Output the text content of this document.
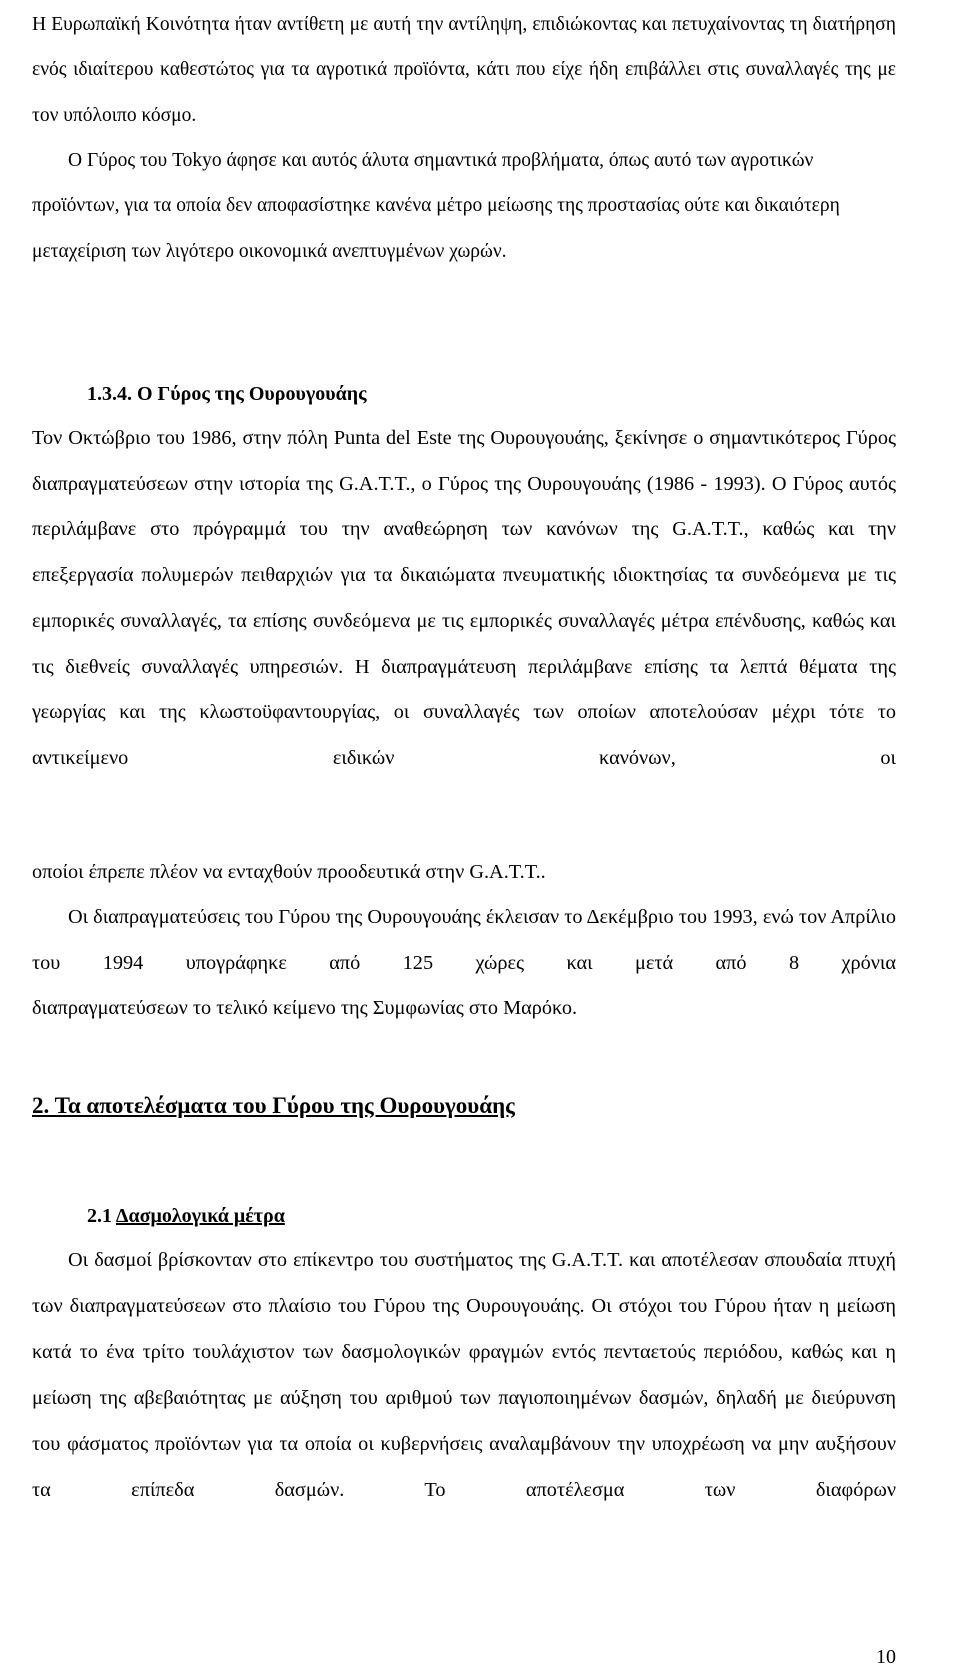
Η Ευρωπαϊκή Κοινότητα ήταν αντίθετη με αυτή την αντίληψη, επιδιώκοντας και πετυχαίνοντας τη διατήρηση ενός ιδιαίτερου καθεστώτος για τα αγροτικά προϊόντα, κάτι που είχε ήδη επιβάλλει στις συναλλαγές της με τον υπόλοιπο κόσμο.

Ο Γύρος του Tokyo άφησε και αυτός άλυτα σημαντικά προβλήματα, όπως αυτό των αγροτικών προϊόντων, για τα οποία δεν αποφασίστηκε κανένα μέτρο μείωσης της προστασίας ούτε και δικαιότερη μεταχείριση των λιγότερο οικονομικά ανεπτυγμένων χωρών.

1.3.4. Ο Γύρος της Ουρουγουάης

Τον Οκτώβριο του 1986, στην πόλη Punta del Este της Ουρουγουάης, ξεκίνησε ο σημαντικότερος Γύρος διαπραγματεύσεων στην ιστορία της G.A.T.T., ο Γύρος της Ουρουγουάης (1986 - 1993). Ο Γύρος αυτός περιλάμβανε στο πρόγραμμά του την αναθεώρηση των κανόνων της G.A.T.T., καθώς και την επεξεργασία πολυμερών πειθαρχιών για τα δικαιώματα πνευματικής ιδιοκτησίας τα συνδεόμενα με τις εμπορικές συναλλαγές, τα επίσης συνδεόμενα με τις εμπορικές συναλλαγές μέτρα επένδυσης, καθώς και τις διεθνείς συναλλαγές υπηρεσιών. Η διαπραγμάτευση περιλάμβανε επίσης τα λεπτά θέματα της γεωργίας και της κλωστοϋφαντουργίας, οι συναλλαγές των οποίων αποτελούσαν μέχρι τότε το αντικείμενο ειδικών κανόνων, οι

οποίοι έπρεπε πλέον να ενταχθούν προοδευτικά στην G.A.T.T..

Οι διαπραγματεύσεις του Γύρου της Ουρουγουάης έκλεισαν το Δεκέμβριο του 1993, ενώ τον Απρίλιο του 1994 υπογράφηκε από 125 χώρες και μετά από 8 χρόνια

διαπραγματεύσεων το τελικό κείμενο της Συμφωνίας στο Μαρόκο.

2. Τα αποτελέσματα του Γύρου της Ουρουγουάης
2.1 Δασμολογικά μέτρα

Οι δασμοί βρίσκονταν στο επίκεντρο του συστήματος της G.A.T.T. και αποτέλεσαν σπουδαία πτυχή των διαπραγματεύσεων στο πλαίσιο του Γύρου της Ουρουγουάης. Οι στόχοι του Γύρου ήταν η μείωση κατά το ένα τρίτο τουλάχιστον των δασμολογικών φραγμών εντός πενταετούς περιόδου, καθώς και η μείωση της αβεβαιότητας με αύξηση του αριθμού των παγιοποιημένων δασμών, δηλαδή με διεύρυνση του φάσματος προϊόντων για τα οποία οι κυβερνήσεις αναλαμβάνουν την υποχρέωση να μην αυξήσουν τα επίπεδα δασμών. Το αποτέλεσμα των διαφόρων

10
